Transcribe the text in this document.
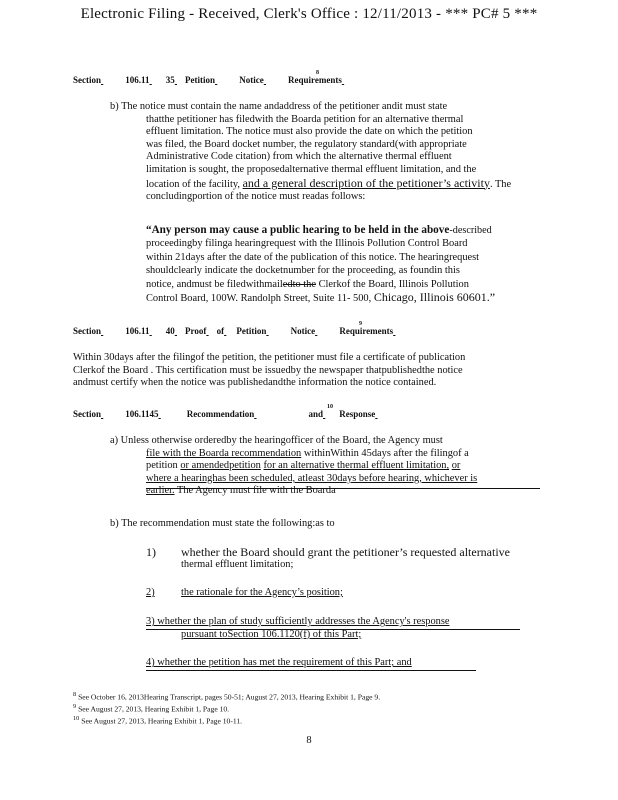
Electronic Filing - Received, Clerk's Office : 12/11/2013 - *** PC# 5 ***
Section	106.11 35 Petition	Notice	Requirements
8
b) The notice must contain the name andaddress of the petitioner andit must state
thatthe petitioner has filedwith the Boarda petition for an alternative thermal
effluent limitation. The notice must also provide the date on which the petition
was filed, the Board docket number, the regulatory standard(with appropriate
Administrative Code citation) from which the alternative thermal effluent
limitation is sought, the proposedalternative thermal effluent limitation, and the
location of the facility, and a general description of the petitioner’s activity. The
concludingportion of the notice must readas follows:
“Any person may cause a public hearing to be held in the above-described
proceedingby filinga hearingrequest with the Illinois Pollution Control Board
within 21days after the date of the publication of this notice. The hearingrequest
shouldclearly indicate the docketnumber for the proceeding, as foundin this
notice, andmust be filedwithmailedto the Clerkof the Board, Illinois Pollution
Control Board, 100W. Randolph Street, Suite 11- 500, Chicago, Illinois 60601.”
Section	106.11 40 Proof of Petition	Notice	Requirements
9
Within 30days after the filingof the petition, the petitioner must file a certificate of publication
Clerkof the Board . This certification must be issuedby the newspaper thatpublishedthe notice
andmust certify when the notice was publishedandthe information the notice contained.
Section	106.1145	Recommendation	and Response
10
a) Unless otherwise orderedby the hearingofficer of the Board, the Agency must
file with the Boarda recommendation withinWithin 45days after the filingof a
petition or amendedpetition for an alternative thermal effluent limitation, or
where a hearinghas been scheduled, atleast 30days before hearing, whichever is
earlier. The Agency must file with the Boarda
b) The recommendation must state the following:as to
1) whether the Board should grant the petitioner’s requested alternative
thermal effluent limitation;
2)	the rationale for the Agency’s position;
3) whether the plan of study sufficiently addresses the Agency's response
pursuant toSection 106.1120(f) of this Part;
4) whether the petition has met the requirement of this Part; and
$^8$ See October 16, 2013Hearing Transcript, pages 50-51; August 27, 2013, Hearing Exhibit 1, Page 9.
$^9$ See August 27, 2013, Hearing Exhibit 1, Page 10.
$^{10}$ See August 27, 2013, Hearing Exhibit 1, Page 10-11.
8
